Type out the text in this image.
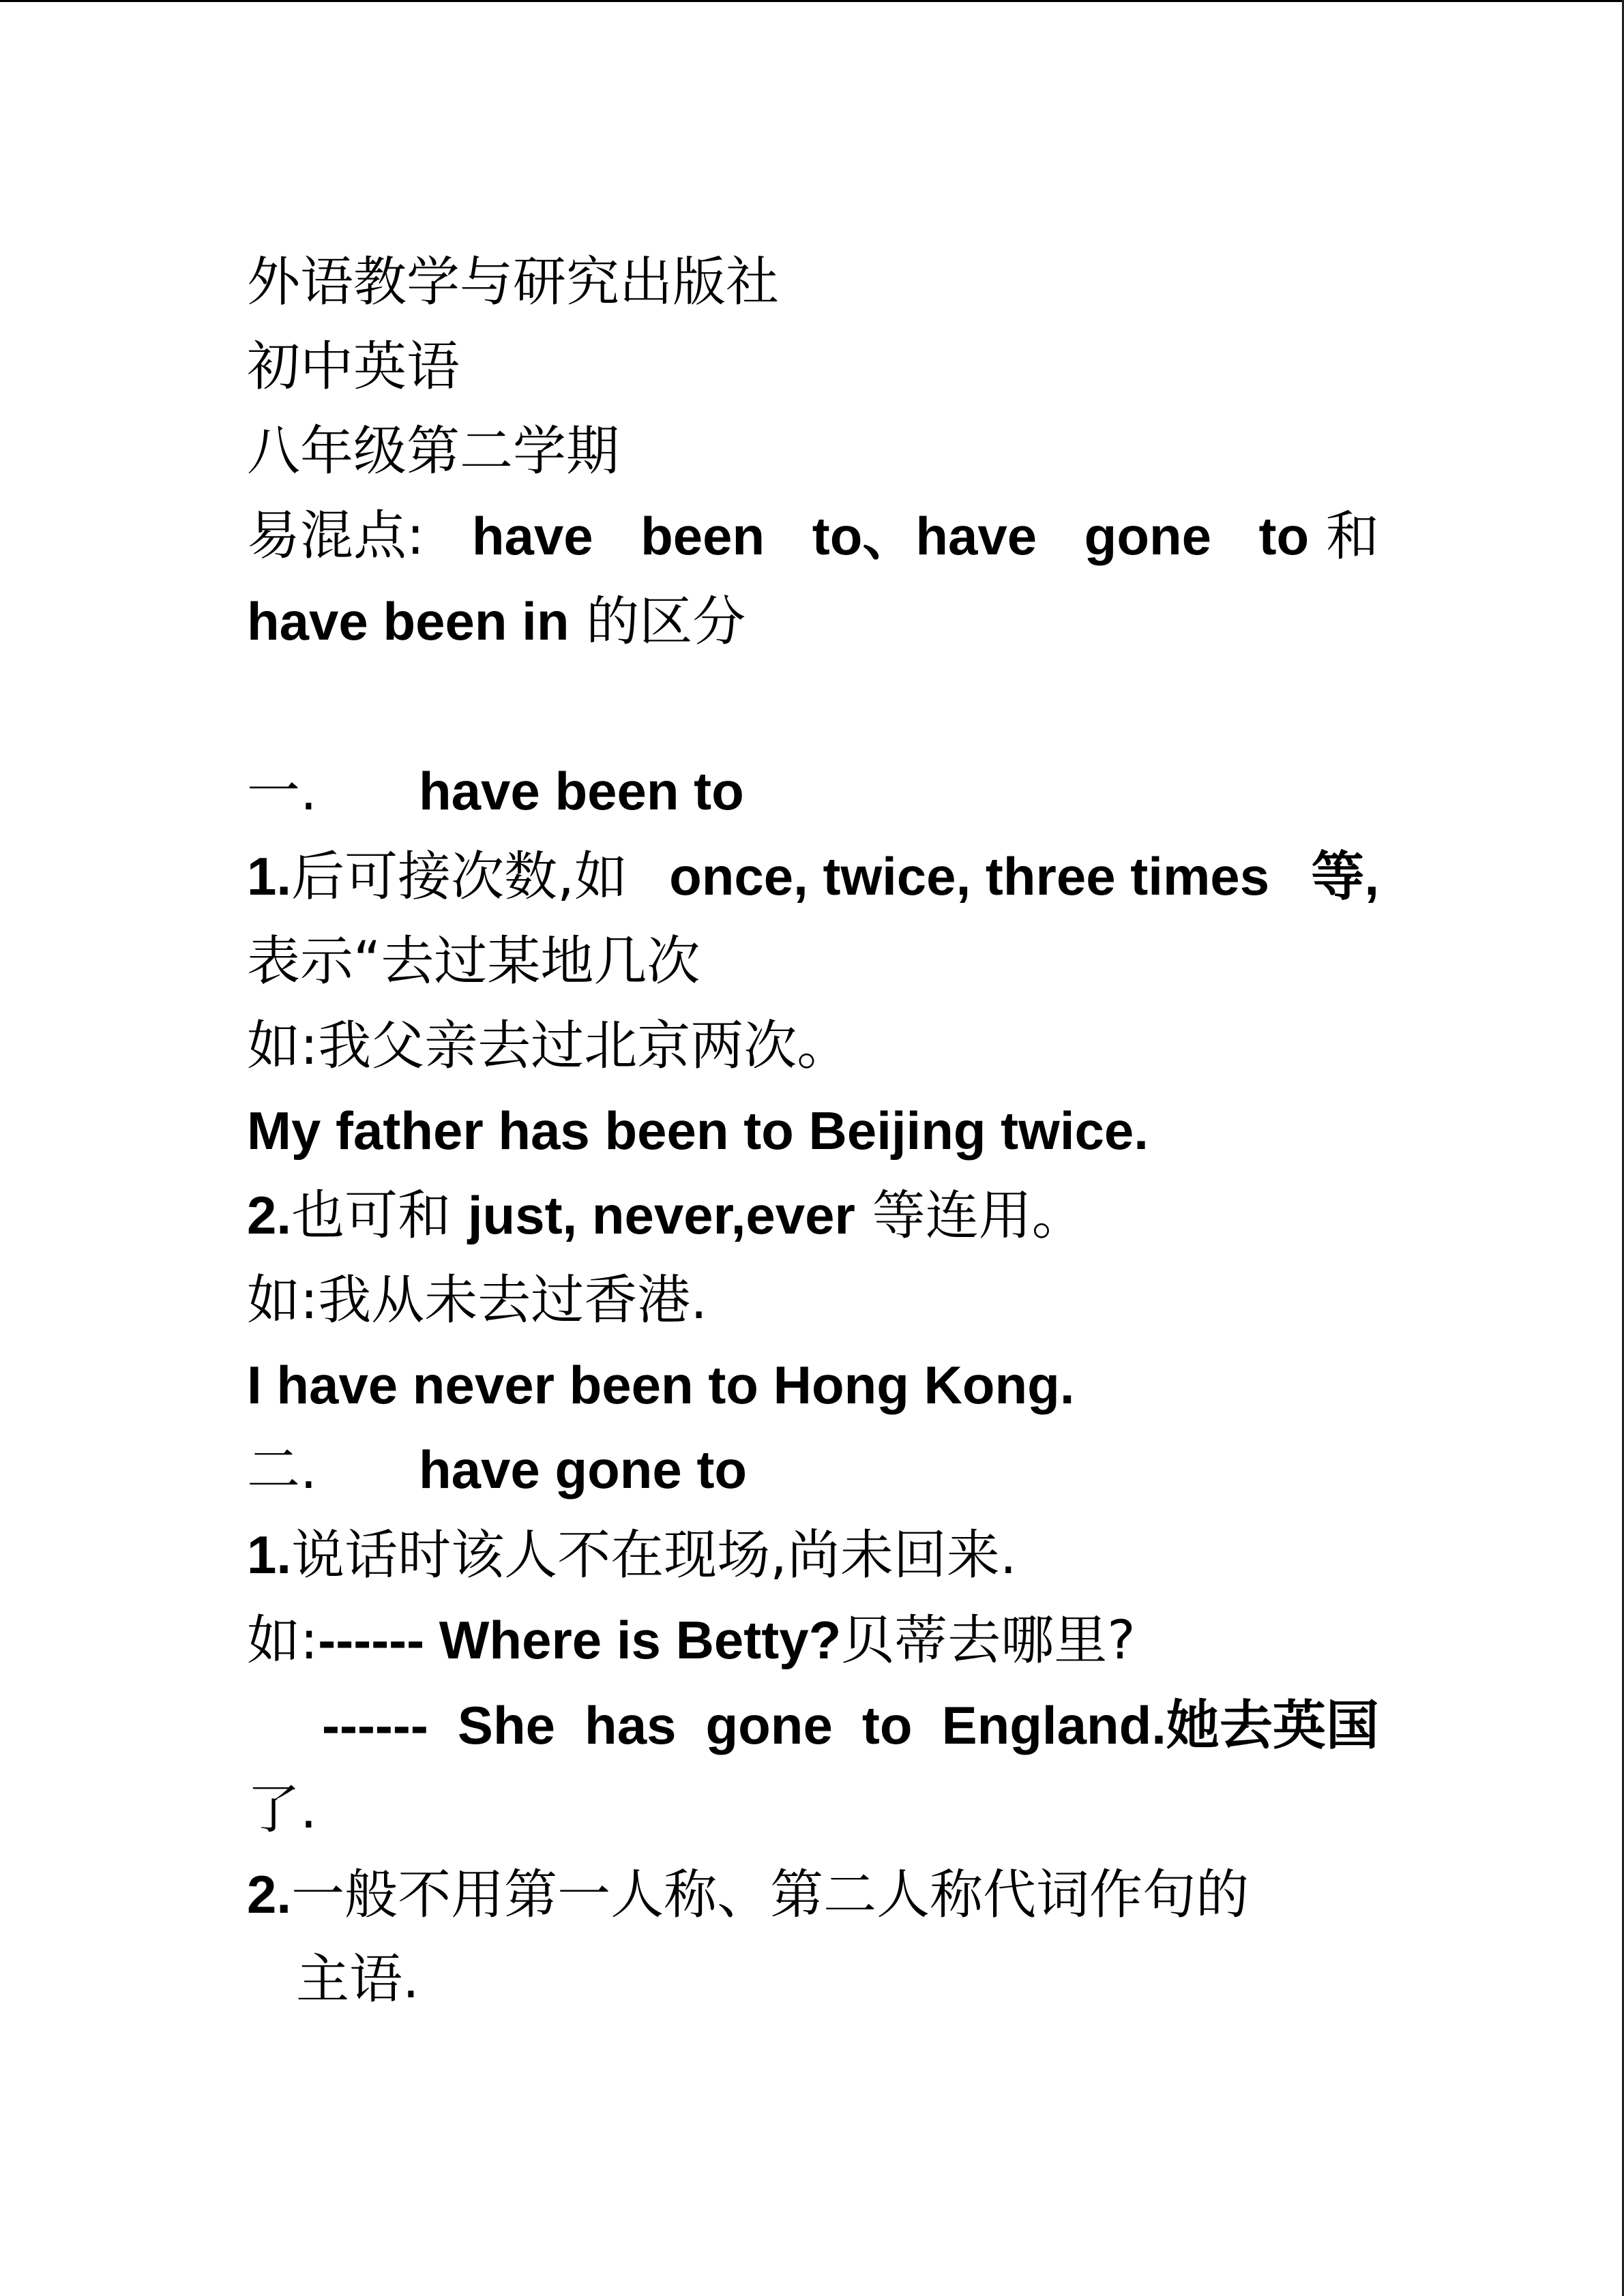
外语教学与研究出版社
初中英语
八年级第二学期
易混点: have been to、have gone to 和
have been in 的区分
一. have been to
1.后可接次数,如 once, twice, three times 等,
表示“去过某地几次
如:我父亲去过北京两次。
My father has been to Beijing twice.
2.也可和 just, never,ever 等连用。
如:我从未去过香港.
I have never been to Hong Kong.
二. have gone to
1.说话时该人不在现场,尚未回来.
如:------ Where is Betty?贝蒂去哪里?
------ She has gone to England.她去英国
了.
2.一般不用第一人称、第二人称代词作句的
主语.
